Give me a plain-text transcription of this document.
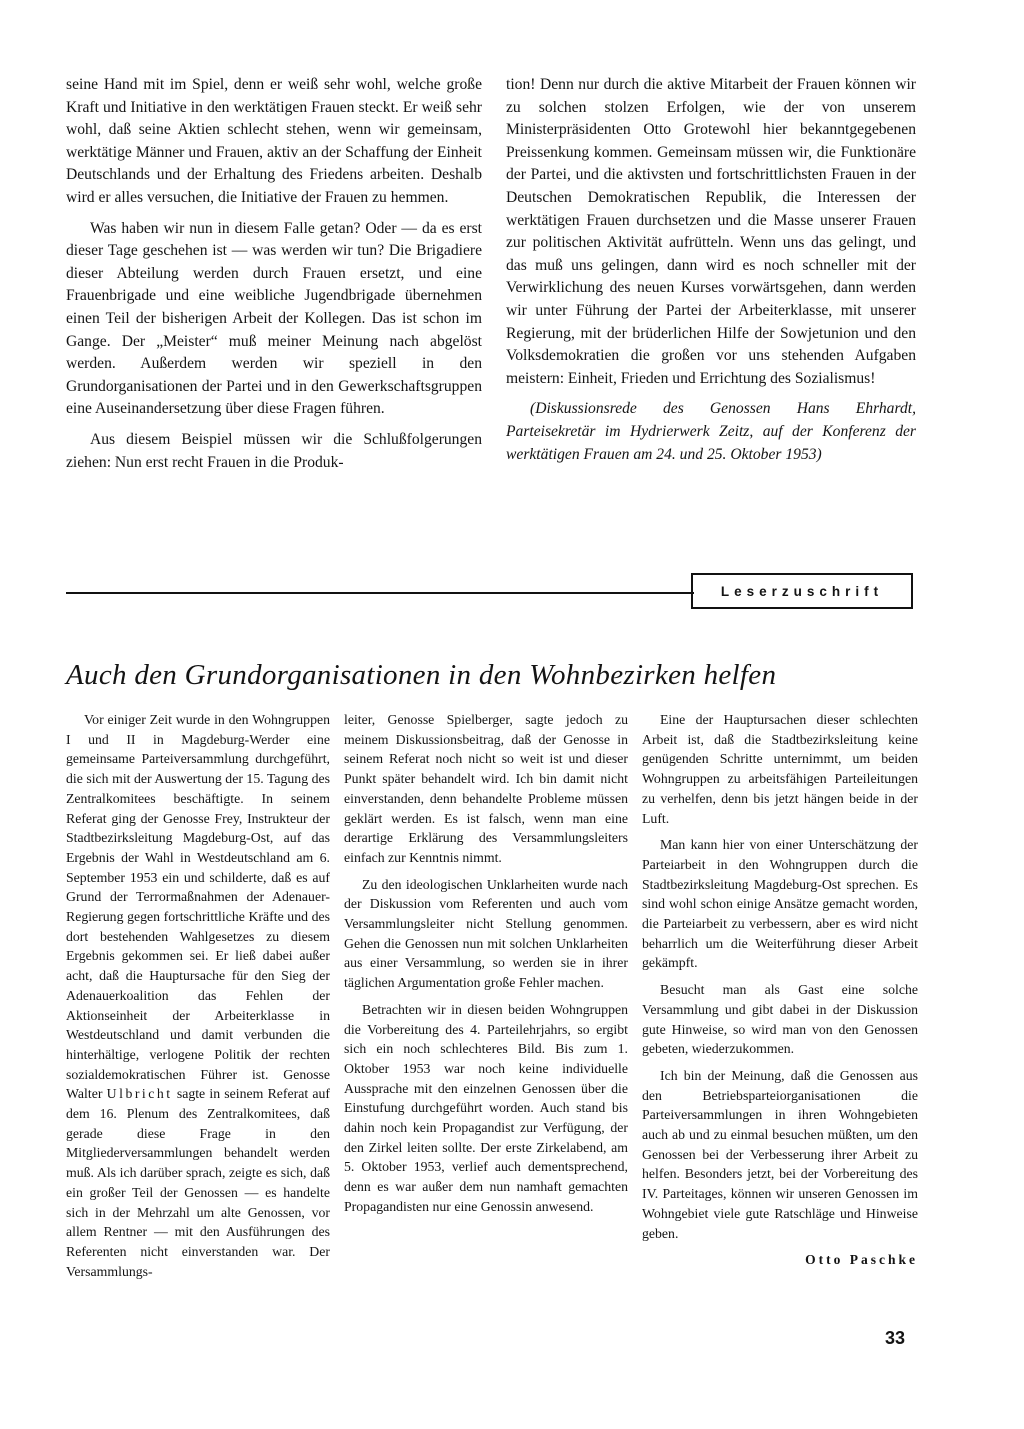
seine Hand mit im Spiel, denn er weiß sehr wohl, welche große Kraft und Initiative in den werktätigen Frauen steckt. Er weiß sehr wohl, daß seine Aktien schlecht stehen, wenn wir gemeinsam, werktätige Männer und Frauen, aktiv an der Schaffung der Einheit Deutschlands und der Erhaltung des Friedens arbeiten. Deshalb wird er alles versuchen, die Initiative der Frauen zu hemmen.

Was haben wir nun in diesem Falle getan? Oder — da es erst dieser Tage geschehen ist — was werden wir tun? Die Brigadiere dieser Abteilung werden durch Frauen ersetzt, und eine Frauenbrigade und eine weibliche Jugendbrigade übernehmen einen Teil der bisherigen Arbeit der Kollegen. Das ist schon im Gange. Der „Meister“ muß meiner Meinung nach abgelöst werden. Außerdem werden wir speziell in den Grundorganisationen der Partei und in den Gewerkschaftsgruppen eine Auseinandersetzung über diese Fragen führen.

Aus diesem Beispiel müssen wir die Schlußfolgerungen ziehen: Nun erst recht Frauen in die Produk-

tion! Denn nur durch die aktive Mitarbeit der Frauen können wir zu solchen stolzen Erfolgen, wie der von unserem Ministerpräsidenten Otto Grotewohl hier bekanntgegebenen Preissenkung kommen. Gemeinsam müssen wir, die Funktionäre der Partei, und die aktivsten und fortschrittlichsten Frauen in der Deutschen Demokratischen Republik, die Interessen der werktätigen Frauen durchsetzen und die Masse unserer Frauen zur politischen Aktivität aufrütteln. Wenn uns das gelingt, und das muß uns gelingen, dann wird es noch schneller mit der Verwirklichung des neuen Kurses vorwärtsgehen, dann werden wir unter Führung der Partei der Arbeiterklasse, mit unserer Regierung, mit der brüderlichen Hilfe der Sowjetunion und den Volksdemokratien die großen vor uns stehenden Aufgaben meistern: Einheit, Frieden und Errichtung des Sozialismus!

(Diskussionsrede des Genossen Hans Ehrhardt, Parteisekretär im Hydrierwerk Zeitz, auf der Konferenz der werktätigen Frauen am 24. und 25. Oktober 1953)

Leserzuschrift
Auch den Grundorganisationen in den Wohnbezirken helfen

Vor einiger Zeit wurde in den Wohngruppen I und II in Magdeburg-Werder eine gemeinsame Parteiversammlung durchgeführt, die sich mit der Auswertung der 15. Tagung des Zentralkomitees beschäftigte. In seinem Referat ging der Genosse Frey, Instrukteur der Stadtbezirksleitung Magdeburg-Ost, auf das Ergebnis der Wahl in Westdeutschland am 6. September 1953 ein und schilderte, daß es auf Grund der Terrormaßnahmen der Adenauer-Regierung gegen fortschrittliche Kräfte und des dort bestehenden Wahlgesetzes zu diesem Ergebnis gekommen sei. Er ließ dabei außer acht, daß die Hauptursache für den Sieg der Adenauerkoalition das Fehlen der Aktionseinheit der Arbeiterklasse in Westdeutschland und damit verbunden die hinterhältige, verlogene Politik der rechten sozialdemokratischen Führer ist. Genosse Walter Ulbricht sagte in seinem Referat auf dem 16. Plenum des Zentralkomitees, daß gerade diese Frage in den Mitgliederversammlungen behandelt werden muß. Als ich darüber sprach, zeigte es sich, daß ein großer Teil der Genossen — es handelte sich in der Mehrzahl um alte Genossen, vor allem Rentner — mit den Ausführungen des Referenten nicht einverstanden war. Der Versammlungs-

leiter, Genosse Spielberger, sagte jedoch zu meinem Diskussionsbeitrag, daß der Genosse in seinem Referat noch nicht so weit ist und dieser Punkt später behandelt wird. Ich bin damit nicht einverstanden, denn behandelte Probleme müssen geklärt werden. Es ist falsch, wenn man eine derartige Erklärung des Versammlungsleiters einfach zur Kenntnis nimmt.

Zu den ideologischen Unklarheiten wurde nach der Diskussion vom Referenten und auch vom Versammlungsleiter nicht Stellung genommen. Gehen die Genossen nun mit solchen Unklarheiten aus einer Versammlung, so werden sie in ihrer täglichen Argumentation große Fehler machen.

Betrachten wir in diesen beiden Wohngruppen die Vorbereitung des 4. Parteilehrjahrs, so ergibt sich ein noch schlechteres Bild. Bis zum 1. Oktober 1953 war noch keine individuelle Aussprache mit den einzelnen Genossen über die Einstufung durchgeführt worden. Auch stand bis dahin noch kein Propagandist zur Verfügung, der den Zirkel leiten sollte. Der erste Zirkelabend, am 5. Oktober 1953, verlief auch dementsprechend, denn es war außer dem nun namhaft gemachten Propagandisten nur eine Genossin anwesend.

Eine der Hauptursachen dieser schlechten Arbeit ist, daß die Stadtbezirksleitung keine genügenden Schritte unternimmt, um beiden Wohngruppen zu arbeitsfähigen Parteileitungen zu verhelfen, denn bis jetzt hängen beide in der Luft.

Man kann hier von einer Unterschätzung der Parteiarbeit in den Wohngruppen durch die Stadtbezirksleitung Magdeburg-Ost sprechen. Es sind wohl schon einige Ansätze gemacht worden, die Parteiarbeit zu verbessern, aber es wird nicht beharrlich um die Weiterführung dieser Arbeit gekämpft.

Besucht man als Gast eine solche Versammlung und gibt dabei in der Diskussion gute Hinweise, so wird man von den Genossen gebeten, wiederzukommen.

Ich bin der Meinung, daß die Genossen aus den Betriebsparteiorganisationen die Parteiversammlungen in ihren Wohngebieten auch ab und zu einmal besuchen müßten, um den Genossen bei der Verbesserung ihrer Arbeit zu helfen. Besonders jetzt, bei der Vorbereitung des IV. Parteitages, können wir unseren Genossen im Wohngebiet viele gute Ratschläge und Hinweise geben.

Otto Paschke
33
